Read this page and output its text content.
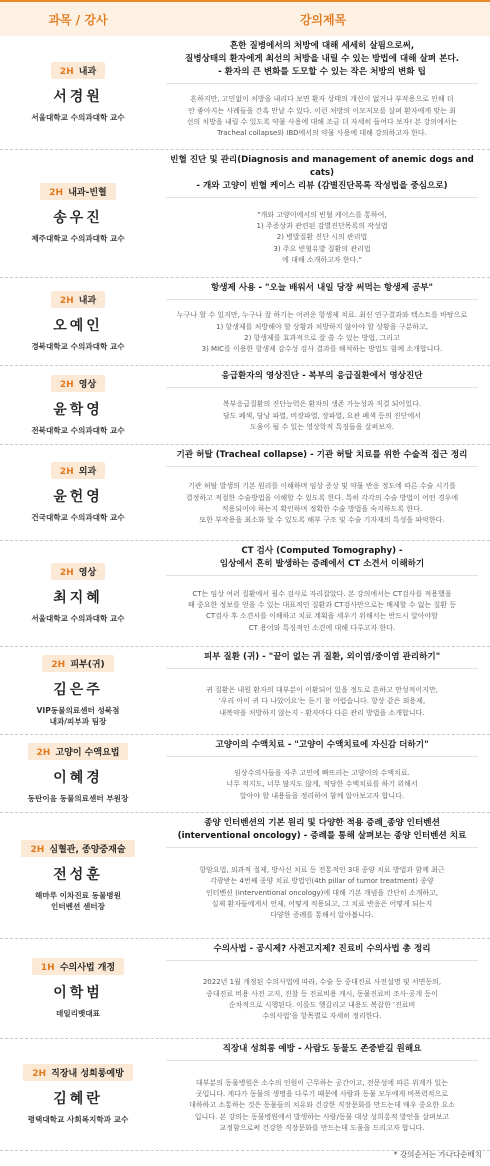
과목 / 강사	강의제목
2H 내과
서경원
서울대학교 수의과대학 교수
흔한 질병에서의 처방에 대해 세세히 살핌으로써,
질병상태의 환자에게 최선의 처방을 내릴 수 있는 방법에 대해 살펴 본다.
- 환자의 큰 변화를 도모할 수 있는 작은 처방의 변화 팁
흔하지만, 고민없이 처방을 내리다 보면 환자 상태의 개선이 없거나 부작용으로 인해 더
안 좋아지는 사례들을 간혹 만날 수 있다. 이런 처방의 이모저모를 살펴 환자에게 맞는 최
선의 처방을 내릴 수 있도록 약물 사용에 대해 조금 더 자세히 들여다 보자! 본 강의에서는
Tracheal collapse와 IBD에서의 약물 사용에 대해 강의하고자 한다.
2H 내과-빈혈
송우진
제주대학교 수의과대학 교수
빈혈 진단 및 관리(Diagnosis and management of anemic dogs and cats)
- 개와 고양이 빈혈 케이스 리뷰 (감별진단목록 작성법을 중심으로)
"개와 고양이에서의 빈혈 케이스를 통하여,
1) 주증상과 관련된 감별진단목록의 작성법
2) 병발질환 진단 시의 관리법
3) 주요 빈혈유발 질환의 관리법
에 대해 소개하고자 한다."
2H 내과
오예인
경북대학교 수의과대학 교수
항생제 사용 - "오늘 배워서 내일 당장 써먹는 항생제 공부"
누구나 할 수 있지만, 누구나 잘 하기는 어려운 항생제 치료. 최신 연구결과와 텍스트를 바탕으로
1) 항생제를 처방해야 할 상황과 처방하지 않아야 할 상황을 구분하고,
2) 항생제를 효과적으로 잘 쓸 수 있는 방법, 그리고
3) MIC를 이용한 항생제 감수성 검사 결과를 해석하는 방법도 함께 소개합니다.
2H 영상
윤학영
전북대학교 수의과대학 교수
응급환자의 영상진단 - 복부의 응급질환에서 영상진단
복부응급질환의 진단능력은 환자의 생존 가능성과 직결 되어있다.
담도 폐색, 담낭 파열, 비장파열, 장파열, 요관 폐색 등의 진단에서
도움이 될 수 있는 영상학적 특징들을 살펴보자.
2H 외과
윤헌영
건국대학교 수의과대학 교수
기관 허탈 (Tracheal collapse) - 기관 허탈 치료를 위한 수술적 접근 정리
기관 허탈 발생의 기본 원리를 이해하며 임상 증상 및 약물 반응 정도에 따른 수술 시기를
결정하고 적절한 수술방법을 이해할 수 있도록 한다. 특히 각각의 수술 방법이 어떤 경우에
적용되어야 하는지 확인하며 정확한 수술 방법을 숙지하도록 한다.
또한 부작용을 최소화 할 수 있도록 해부 구조 및 수술 기자재의 특성을 파악한다.
2H 영상
최지혜
서울대학교 수의과대학 교수
CT 검사 (Computed Tomography) -
임상에서 흔히 발생하는 증례에서 CT 소견서 이해하기
CT는 임상 여러 질환에서 필수 검사로 자리잡았다. 본 강의에서는 CT검사를 적용했을
때 중요한 정보를 얻을 수 있는 대표적인 질환과 CT검사만으로는 배제할 수 없는 질환 등
CT검사 후 소견서를 이해하고 치료 계획을 세우기 위해서는 반드시 알아야할
CT 용어와 특징적인 소견에 대해 다루고자 한다.
2H 피부(귀)
김은주
VIP동물의료센터 성북점
내과/피부과 팀장
피부 질환 (귀) - "끝이 없는 귀 질환, 외이염/중이염 관리하기"
귀 질환은 내원 환자의 대부분이 이환되어 있을 정도로 흔하고 만성적이지만,
'우리 아이 귀 다 나았어요'는 듣기 참 어렵습니다. 항상 같은 외용제,
내복약을 처방하지 않는지 - 환자마다 다른 관리 방법을 소개합니다.
2H 고양이 수액요법
이혜경
동탄이음 동물의료센터 부원장
고양이의 수액치료 - "고양이 수액치료에 자신감 더하기"
임상수의사들을 자주 고민에 빠뜨리는 고양이의 수액치료.
너무 적지도, 너무 많지도 않게, 적당한 수액치료를 하기 위해서
알아야 할 내용들을 정리하여 함께 알아보고자 합니다.
2H 심혈관, 종양중재술
전성훈
해마루 이차진료 동물병원
인터벤션 센터장
종양 인터벤션의 기본 원리 및 다양한 적용 증례_종양 인터벤션
(interventional oncology) - 증례를 통해 살펴보는 종양 인터벤션 치료
항암요법, 외과적 절제, 방사선 치료 등 전통적인 3대 종양 치료 방법과 함께 최근
각광받는 4번째 종양 치료 방법인(4th pillar of tumor treatment) 종양
인터벤션 (interventional oncology)에 대해 기본 개념을 간단히 소개하고,
실제 환자들에게서 언제, 어떻게 적용되고, 그 치료 반응은 어떻게 되는지
다양한 증례를 통해서 알아봅니다.
1H 수의사법 개정
이학범
데일리벳대표
수의사법 - 공시제? 사전고지제? 진료비 수의사법 총 정리
2022년 1월 개정된 수의사법에 따라, 수술 등 중대진료 사전설명 및 서면동의,
중대진료 비용 사전 고지, 진찰 등 진료비용 게시, 동물진료비 조사·공개 등이
순차적으로 시행된다. 이를도 헷갈리고 내용도 복잡한 '진료비
수의사법'을 항목별로 자세히 정리한다.
2H 직장내 성희롱예방
김혜란
평택대학교 사회복지학과 교수
직장내 성희롱 예방 - 사람도 동물도 존중받길 원해요
대부분의 동물병원은 소수의 인원이 근무하는 공간이고, 전문성에 따른 위계가 있는
곳입니다. 게다가 동물의 생명을 다루기 때문에 사람과 동물 모두에게 비폭력적으로
대하하고 소통하는 것은 동물들의 치유와 건강한 직장문화를 만드는데 매우 중요한 요소
입니다. 본 강의는 동물병원에서 발생하는 사람/동물 대상 성희롱적 발언을 살펴보고
교정함으로써 건강한 직장문화를 만드는데 도움을 드리고자 합니다.
* 강의순서는 가나다순배치
